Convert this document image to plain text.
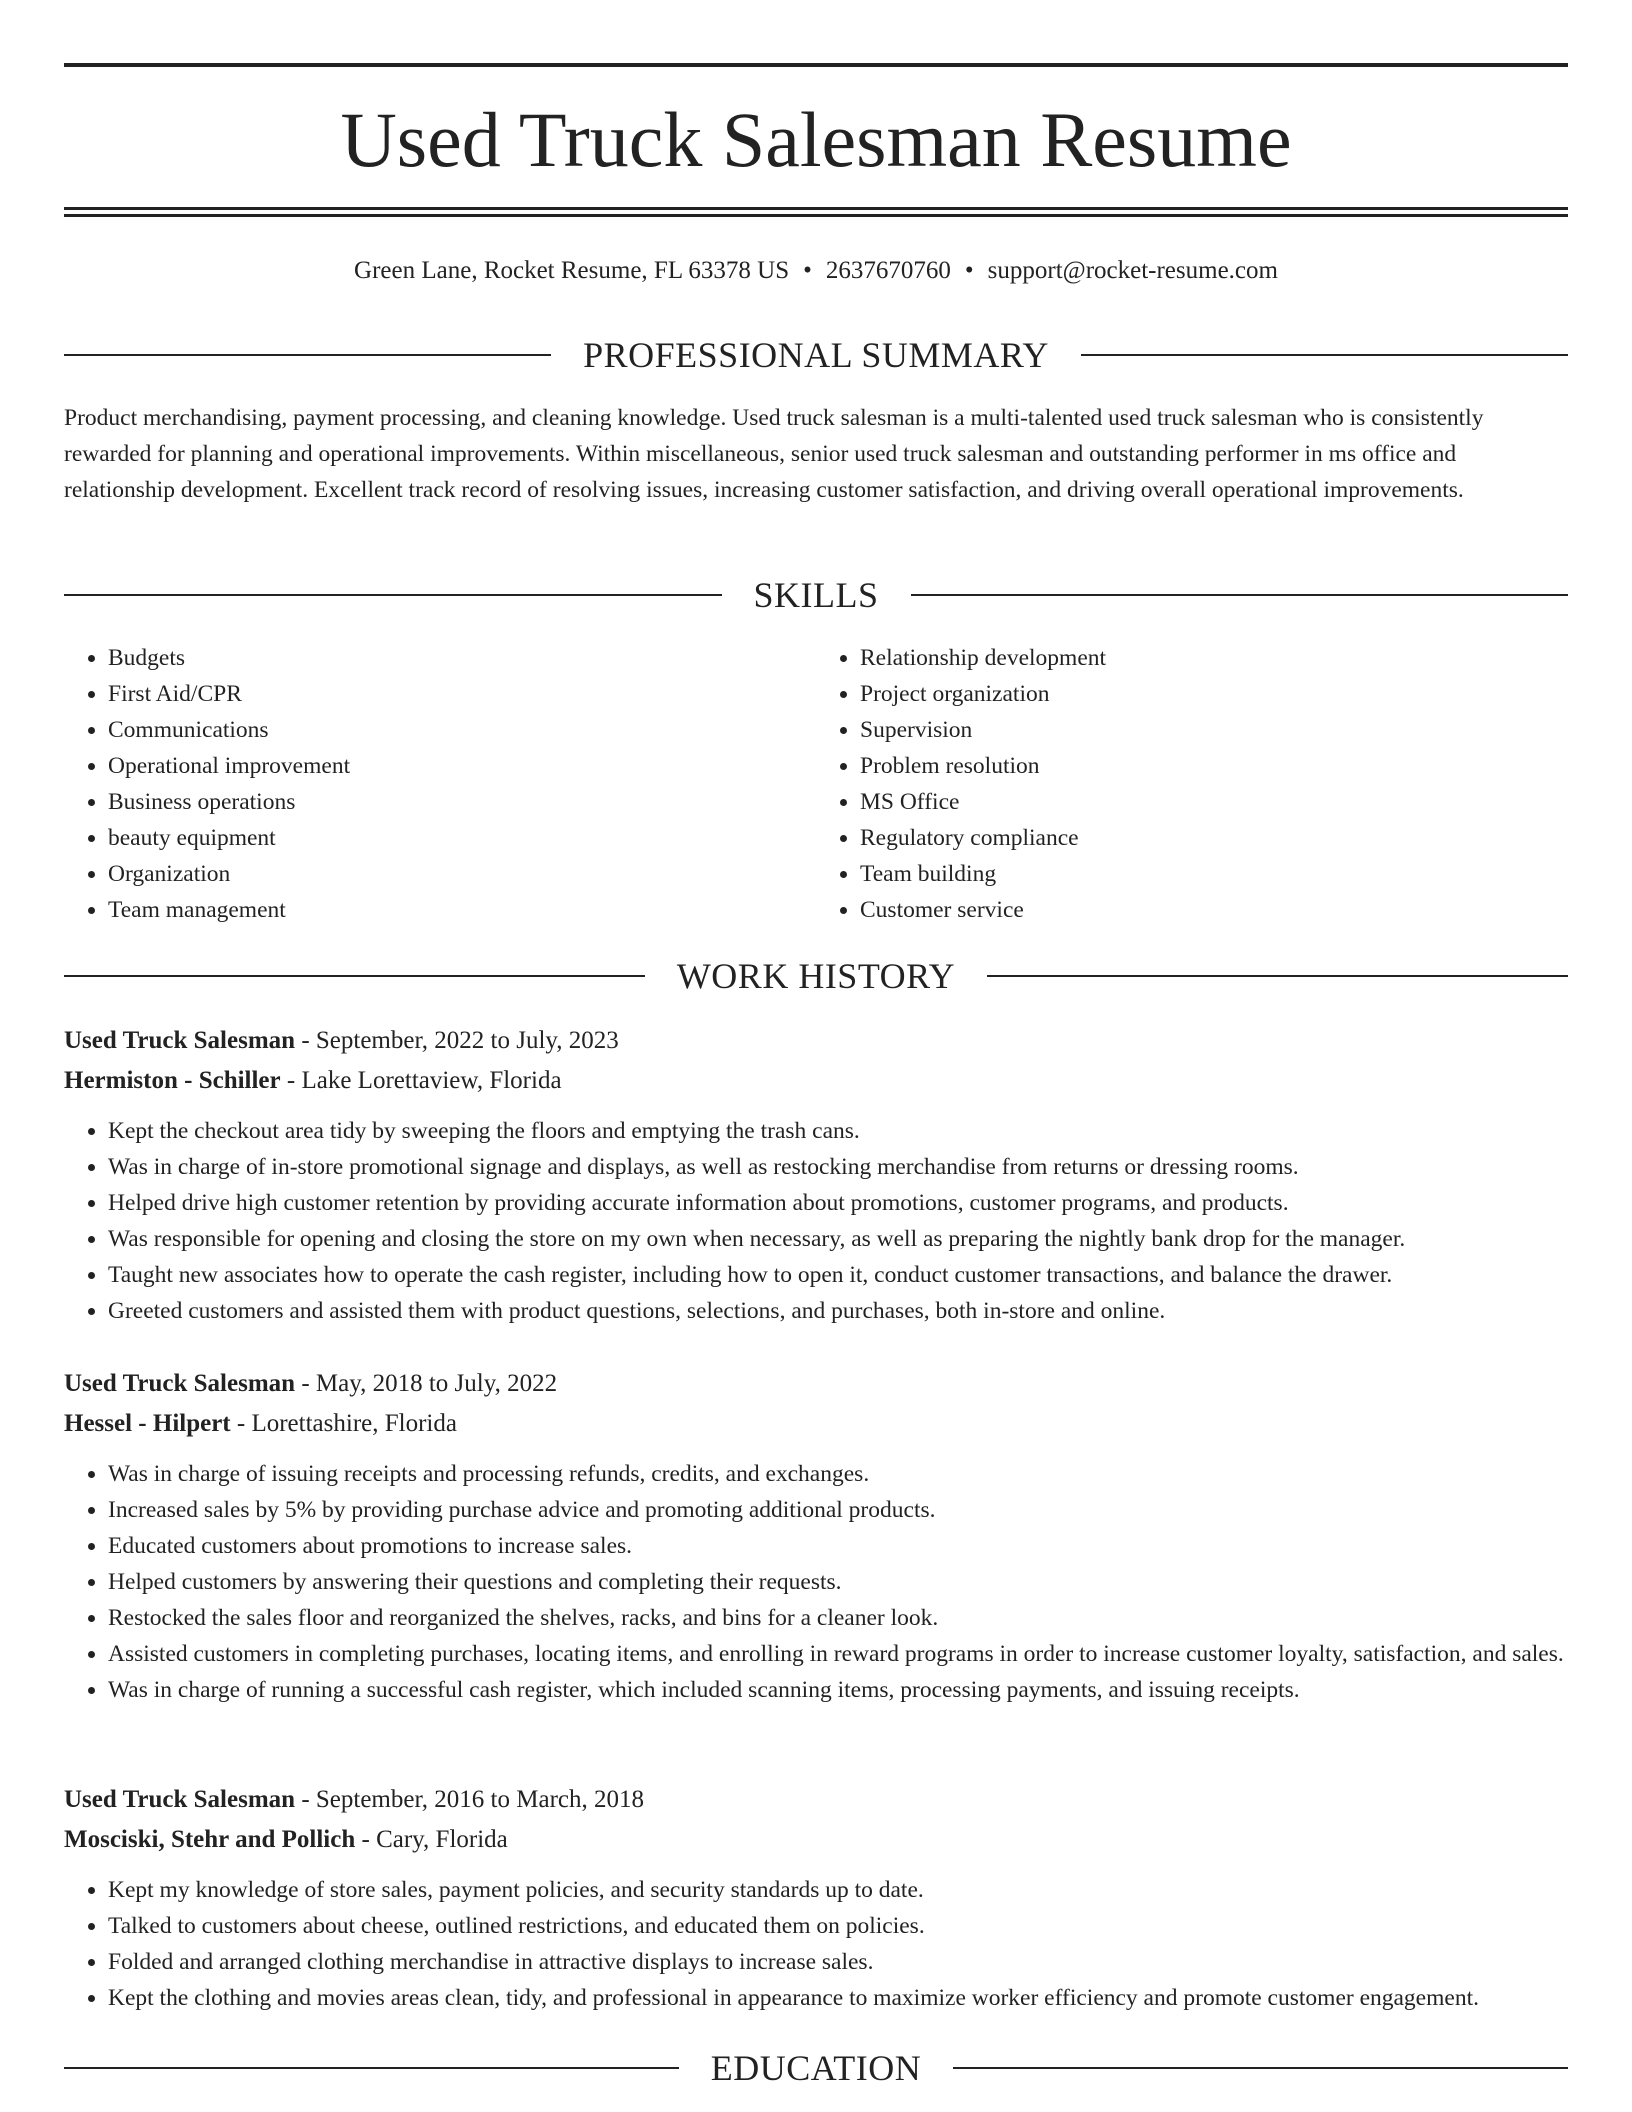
Used Truck Salesman Resume
Green Lane, Rocket Resume, FL 63378 US • 2637670760 • support@rocket-resume.com
PROFESSIONAL SUMMARY

Product merchandising, payment processing, and cleaning knowledge. Used truck salesman is a multi-talented used truck salesman who is consistently rewarded for planning and operational improvements. Within miscellaneous, senior used truck salesman and outstanding performer in ms office and relationship development. Excellent track record of resolving issues, increasing customer satisfaction, and driving overall operational improvements.

SKILLS
• Budgets
• First Aid/CPR
• Communications
• Operational improvement
• Business operations
• beauty equipment
• Organization
• Team management
• Relationship development
• Project organization
• Supervision
• Problem resolution
• MS Office
• Regulatory compliance
• Team building
• Customer service
WORK HISTORY
Used Truck Salesman - September, 2022 to July, 2023
Hermiston - Schiller - Lake Lorettaview, Florida
• Kept the checkout area tidy by sweeping the floors and emptying the trash cans.
• Was in charge of in-store promotional signage and displays, as well as restocking merchandise from returns or dressing rooms.
• Helped drive high customer retention by providing accurate information about promotions, customer programs, and products.
• Was responsible for opening and closing the store on my own when necessary, as well as preparing the nightly bank drop for the manager.
• Taught new associates how to operate the cash register, including how to open it, conduct customer transactions, and balance the drawer.
• Greeted customers and assisted them with product questions, selections, and purchases, both in-store and online.
Used Truck Salesman - May, 2018 to July, 2022
Hessel - Hilpert - Lorettashire, Florida
• Was in charge of issuing receipts and processing refunds, credits, and exchanges.
• Increased sales by 5% by providing purchase advice and promoting additional products.
• Educated customers about promotions to increase sales.
• Helped customers by answering their questions and completing their requests.
• Restocked the sales floor and reorganized the shelves, racks, and bins for a cleaner look.
• Assisted customers in completing purchases, locating items, and enrolling in reward programs in order to increase customer loyalty, satisfaction, and sales.
• Was in charge of running a successful cash register, which included scanning items, processing payments, and issuing receipts.
Used Truck Salesman - September, 2016 to March, 2018
Mosciski, Stehr and Pollich - Cary, Florida
• Kept my knowledge of store sales, payment policies, and security standards up to date.
• Talked to customers about cheese, outlined restrictions, and educated them on policies.
• Folded and arranged clothing merchandise in attractive displays to increase sales.
• Kept the clothing and movies areas clean, tidy, and professional in appearance to maximize worker efficiency and promote customer engagement.
EDUCATION
